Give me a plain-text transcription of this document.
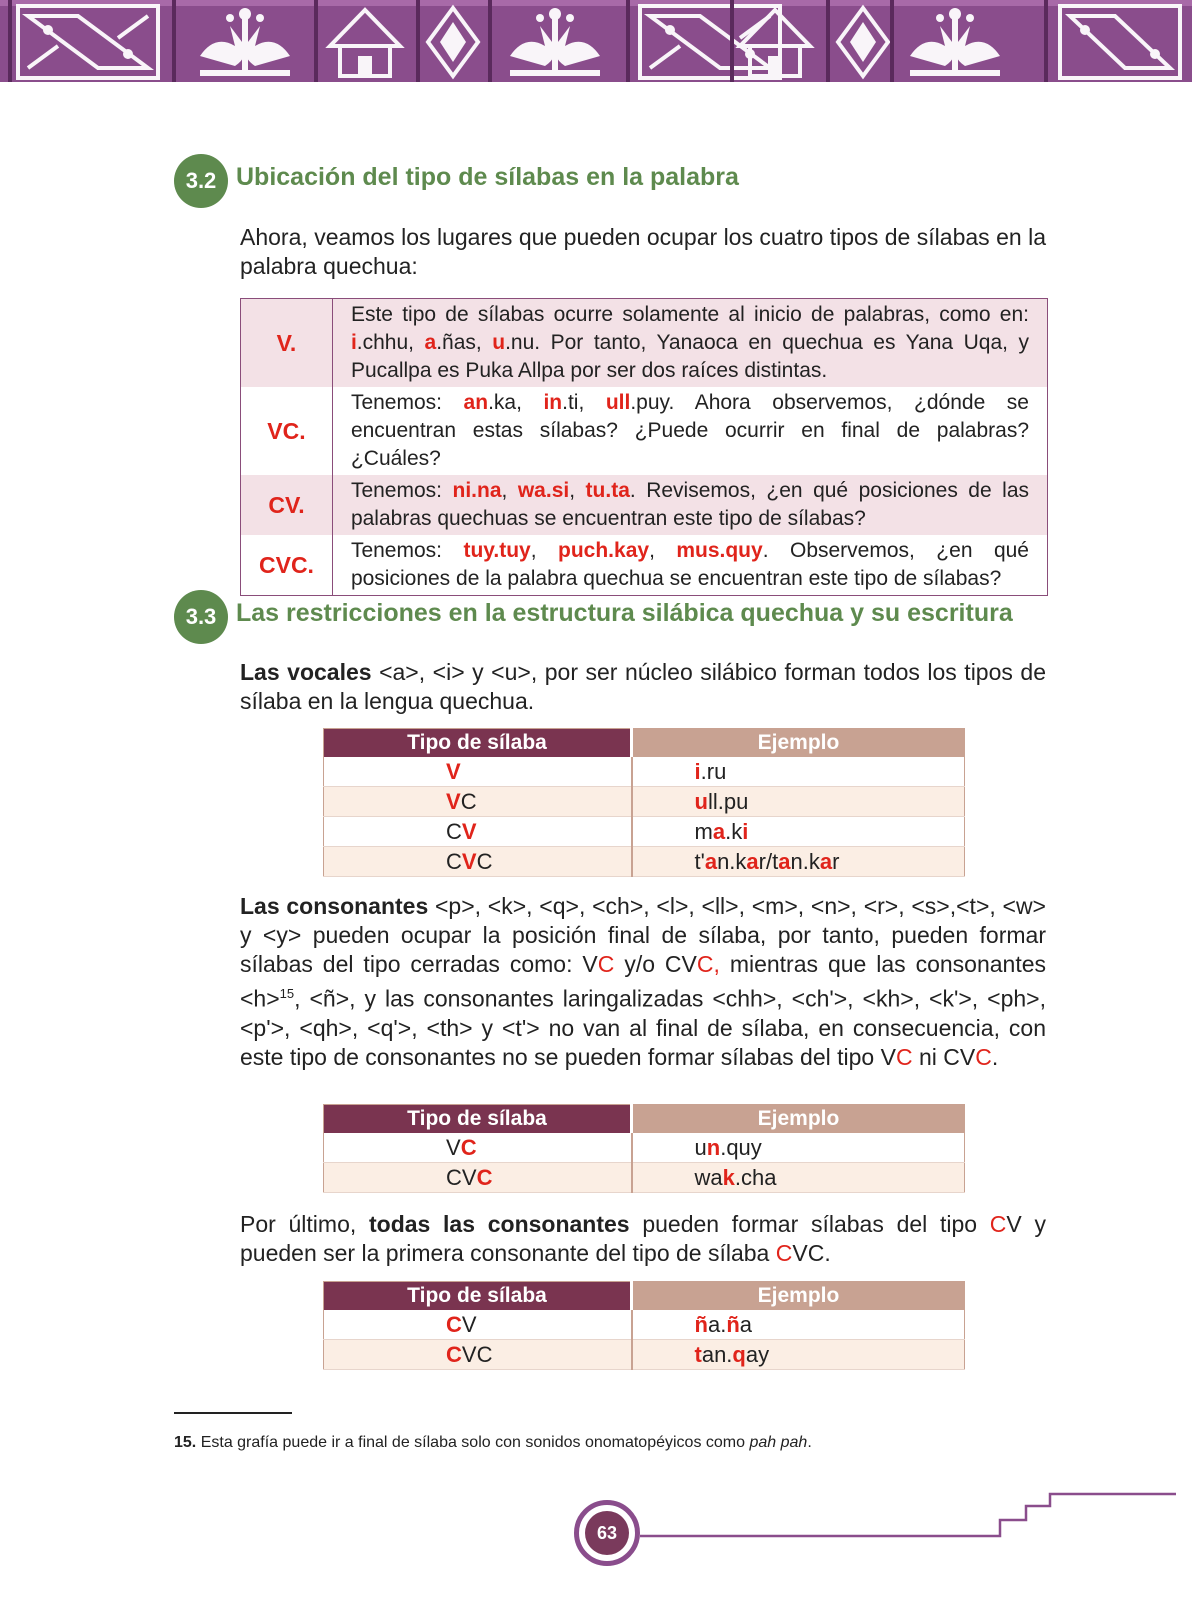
3.2 Ubicación del tipo de sílabas en la palabra

Ahora, veamos los lugares que pueden ocupar los cuatro tipos de sílabas en la palabra quechua:

V.	Este tipo de sílabas ocurre solamente al inicio de palabras, como en: i.chhu, a.ñas, u.nu. Por tanto, Yanaoca en quechua es Yana Uqa, y Pucallpa es Puka Allpa por ser dos raíces distintas.
VC.	Tenemos: an.ka, in.ti, ull.puy. Ahora observemos, ¿dónde se encuentran estas sílabas? ¿Puede ocurrir en final de palabras? ¿Cuáles?
CV.	Tenemos: ni.na, wa.si, tu.ta. Revisemos, ¿en qué posiciones de las palabras quechuas se encuentran este tipo de sílabas?
CVC.	Tenemos: tuy.tuy, puch.kay, mus.quy. Observemos, ¿en qué posiciones de la palabra quechua se encuentran este tipo de sílabas?
3.3 Las restricciones en la estructura silábica quechua y su escritura

Las vocales <a>, <i> y <u>, por ser núcleo silábico forman todos los tipos de sílaba en la lengua quechua.

Tipo de sílaba	Ejemplo
V	i.ru
VC	ull.pu
CV	ma.ki
CVC	t'an.kar/tan.kar

Las consonantes <p>, <k>, <q>, <ch>, <l>, <ll>, <m>, <n>, <r>, <s>,<t>, <w> y <y> pueden ocupar la posición final de sílaba, por tanto, pueden formar sílabas del tipo cerradas como: VC y/o CVC, mientras que las consonantes <h>$^{15}$, <ñ>, y las consonantes laringalizadas <chh>, <ch'>, <kh>, <k'>, <ph>, <p'>, <qh>, <q'>, <th> y <t'> no van al final de sílaba, en consecuencia, con este tipo de consonantes no se pueden formar sílabas del tipo VC ni CVC.

Tipo de sílaba	Ejemplo
VC	un.quy
CVC	wak.cha

Por último, todas las consonantes pueden formar sílabas del tipo CV y pueden ser la primera consonante del tipo de sílaba CVC.

Tipo de sílaba	Ejemplo
CV	ña.ña
CVC	tan.qay
15. Esta grafía puede ir a final de sílaba solo con sonidos onomatopéyicos como pah pah.
63
